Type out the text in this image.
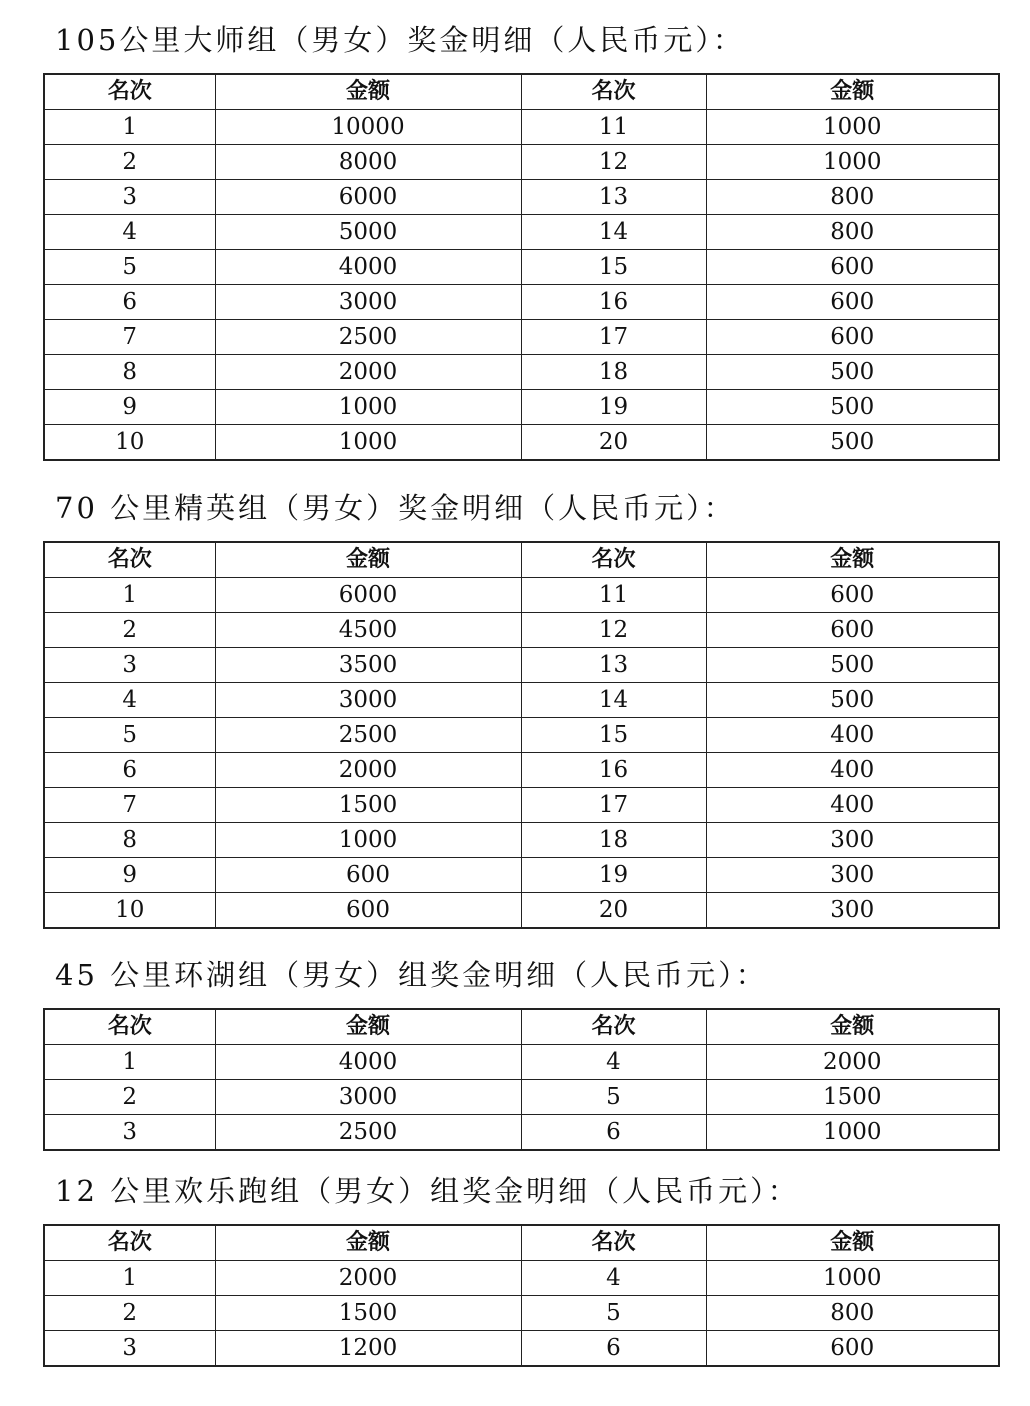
105公里大师组（男女）奖金明细（人民币元）：
名次	金额	名次	金额
1	10000	11	1000
2	8000	12	1000
3	6000	13	800
4	5000	14	800
5	4000	15	600
6	3000	16	600
7	2500	17	600
8	2000	18	500
9	1000	19	500
10	1000	20	500
70 公里精英组（男女）奖金明细（人民币元）：
名次	金额	名次	金额
1	6000	11	600
2	4500	12	600
3	3500	13	500
4	3000	14	500
5	2500	15	400
6	2000	16	400
7	1500	17	400
8	1000	18	300
9	600	19	300
10	600	20	300
45 公里环湖组（男女）组奖金明细（人民币元）：
名次	金额	名次	金额
1	4000	4	2000
2	3000	5	1500
3	2500	6	1000
12 公里欢乐跑组（男女）组奖金明细（人民币元）：
名次	金额	名次	金额
1	2000	4	1000
2	1500	5	800
3	1200	6	600
